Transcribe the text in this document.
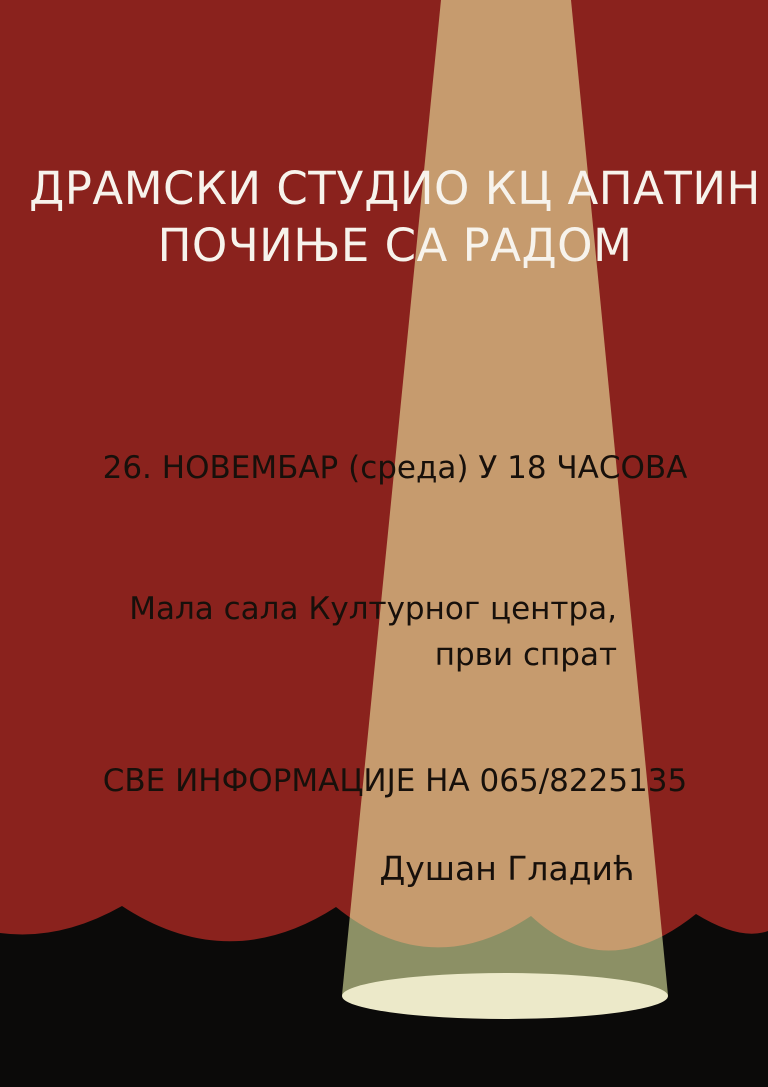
ДРАМСКИ СТУДИО КЦ АПАТИН
ПОЧИЊЕ СА РАДОМ
26. НОВЕМБАР (среда) У 18 ЧАСОВА
Мала сала Културног центра,
први спрат
СВЕ ИНФОРМАЦИЈЕ НА 065/8225135
Душан Гладић
